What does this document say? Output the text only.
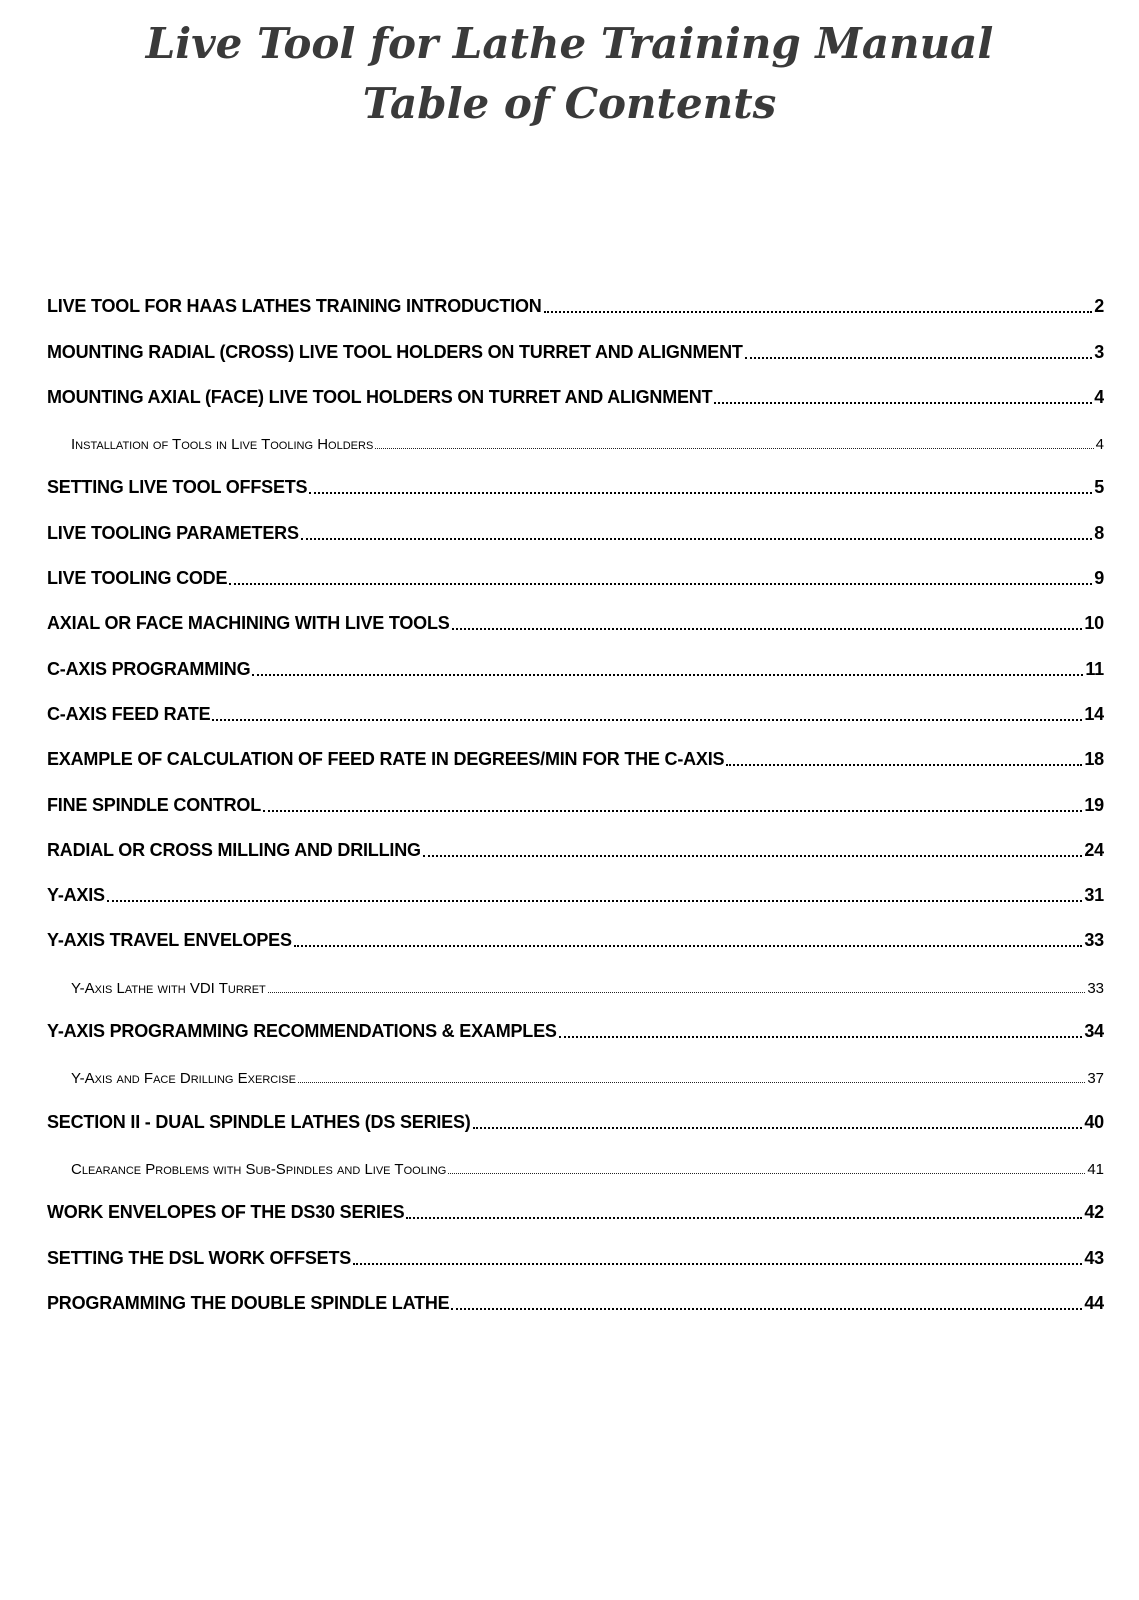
Live Tool for Lathe Training Manual
Table of Contents
LIVE TOOL FOR HAAS LATHES TRAINING INTRODUCTION	2
MOUNTING RADIAL (CROSS) LIVE TOOL HOLDERS ON TURRET AND ALIGNMENT	3
MOUNTING AXIAL (FACE) LIVE TOOL HOLDERS ON TURRET AND ALIGNMENT	4
Installation of Tools in Live Tooling Holders	4
SETTING LIVE TOOL OFFSETS	5
LIVE TOOLING PARAMETERS	8
LIVE TOOLING CODE	9
AXIAL OR FACE MACHINING WITH LIVE TOOLS	10
C-AXIS PROGRAMMING	11
C-AXIS FEED RATE	14
EXAMPLE OF CALCULATION OF FEED RATE IN DEGREES/MIN FOR THE C-AXIS	18
FINE SPINDLE CONTROL	19
RADIAL OR CROSS MILLING AND DRILLING	24
Y-AXIS	31
Y-AXIS TRAVEL ENVELOPES	33
Y-Axis Lathe with VDI Turret	33
Y-AXIS PROGRAMMING RECOMMENDATIONS & EXAMPLES	34
Y-Axis and Face Drilling Exercise	37
SECTION II - DUAL SPINDLE LATHES (DS SERIES)	40
Clearance Problems with Sub-Spindles and Live Tooling	41
WORK ENVELOPES OF THE DS30 SERIES	42
SETTING THE DSL WORK OFFSETS	43
PROGRAMMING THE DOUBLE SPINDLE LATHE	44
